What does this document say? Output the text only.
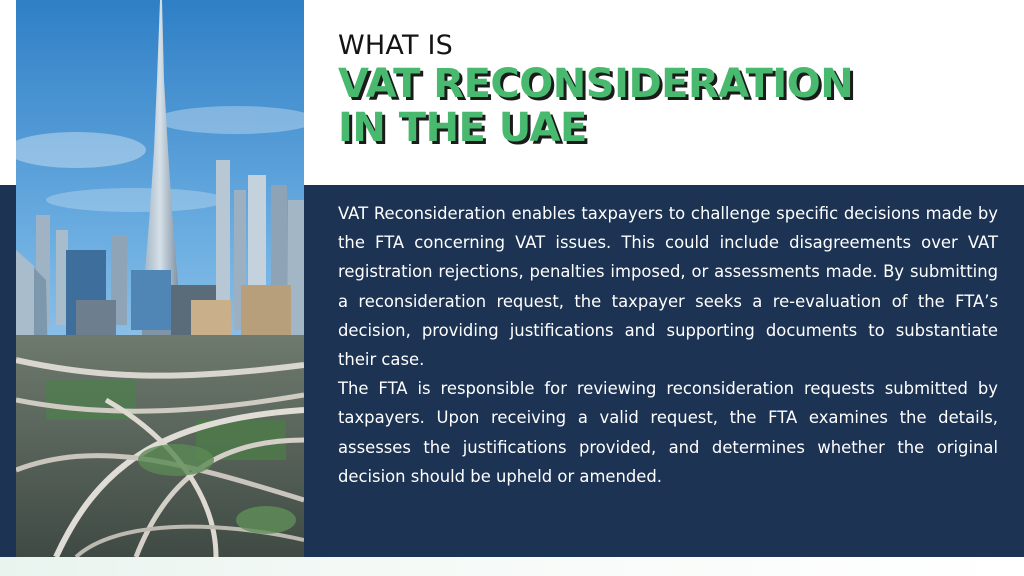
WHAT IS
VAT RECONSIDERATION
IN THE UAE

VAT Reconsideration enables taxpayers to challenge specific decisions made by the FTA concerning VAT issues. This could include disagreements over VAT registration rejections, penalties imposed, or assessments made. By submitting a reconsideration request, the taxpayer seeks a re-evaluation of the FTA’s decision, providing justifications and supporting documents to substantiate their case.

The FTA is responsible for reviewing reconsideration requests submitted by taxpayers. Upon receiving a valid request, the FTA examines the details, assesses the justifications provided, and determines whether the original decision should be upheld or amended.
